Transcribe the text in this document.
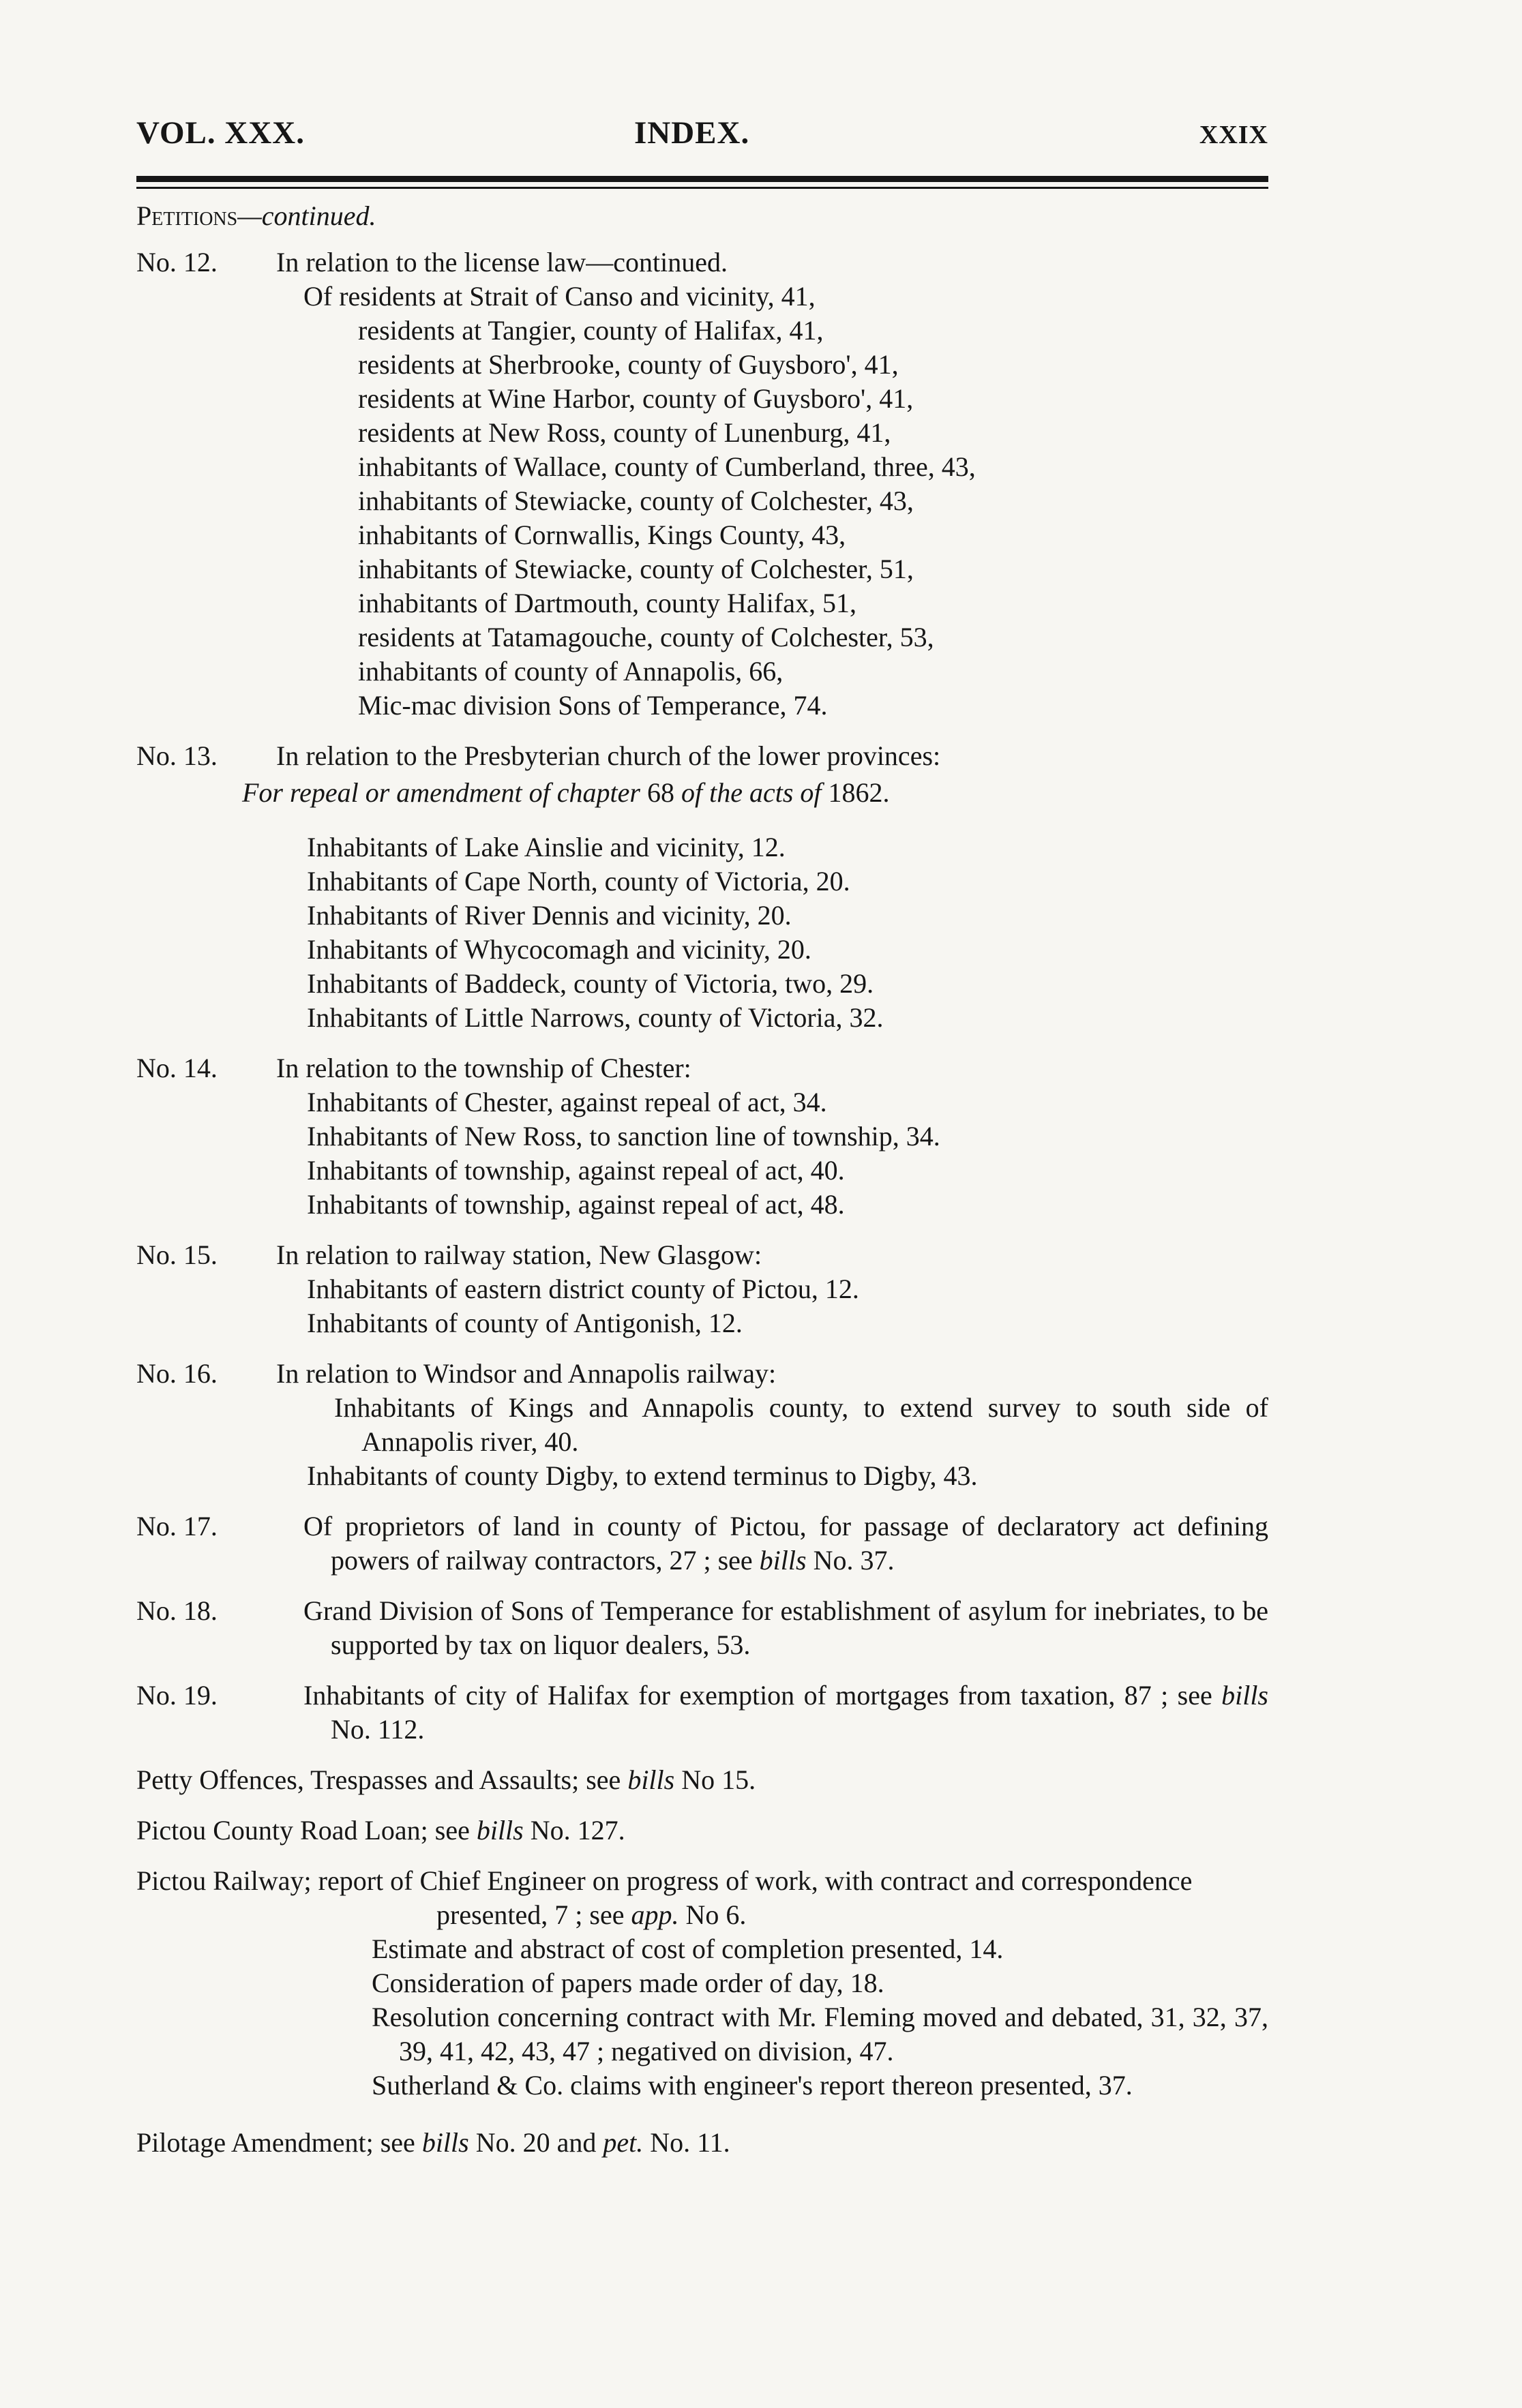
VOL. XXX.	INDEX.	XXIX
Petitions—continued.
No. 12. In relation to the license law—continued.
Of residents at Strait of Canso and vicinity, 41,
residents at Tangier, county of Halifax, 41,
residents at Sherbrooke, county of Guysboro', 41,
residents at Wine Harbor, county of Guysboro', 41,
residents at New Ross, county of Lunenburg, 41,
inhabitants of Wallace, county of Cumberland, three, 43,
inhabitants of Stewiacke, county of Colchester, 43,
inhabitants of Cornwallis, Kings County, 43,
inhabitants of Stewiacke, county of Colchester, 51,
inhabitants of Dartmouth, county Halifax, 51,
residents at Tatamagouche, county of Colchester, 53,
inhabitants of county of Annapolis, 66,
Mic-mac division Sons of Temperance, 74.
No. 13. In relation to the Presbyterian church of the lower provinces:
For repeal or amendment of chapter 68 of the acts of 1862.
Inhabitants of Lake Ainslie and vicinity, 12.
Inhabitants of Cape North, county of Victoria, 20.
Inhabitants of River Dennis and vicinity, 20.
Inhabitants of Whycocomagh and vicinity, 20.
Inhabitants of Baddeck, county of Victoria, two, 29.
Inhabitants of Little Narrows, county of Victoria, 32.
No. 14. In relation to the township of Chester:
Inhabitants of Chester, against repeal of act, 34.
Inhabitants of New Ross, to sanction line of township, 34.
Inhabitants of township, against repeal of act, 40.
Inhabitants of township, against repeal of act, 48.
No. 15. In relation to railway station, New Glasgow:
Inhabitants of eastern district county of Pictou, 12.
Inhabitants of county of Antigonish, 12.
No. 16. In relation to Windsor and Annapolis railway:
Inhabitants of Kings and Annapolis county, to extend survey to south side of Annapolis river, 40.
Inhabitants of county Digby, to extend terminus to Digby, 43.
No. 17.	Of proprietors of land in county of Pictou, for passage of declaratory act defining powers of railway contractors, 27 ; see bills No. 37.
No. 18.	Grand Division of Sons of Temperance for establishment of asylum for inebriates, to be supported by tax on liquor dealers, 53.
No. 19.	Inhabitants of city of Halifax for exemption of mortgages from taxation, 87 ; see bills No. 112.
Petty Offences, Trespasses and Assaults; see bills No 15.
Pictou County Road Loan; see bills No. 127.
Pictou Railway; report of Chief Engineer on progress of work, with contract and correspondence presented, 7 ; see app. No 6.
Estimate and abstract of cost of completion presented, 14.
Consideration of papers made order of day, 18.
Resolution concerning contract with Mr. Fleming moved and debated, 31, 32, 37, 39, 41, 42, 43, 47 ; negatived on division, 47.
Sutherland & Co. claims with engineer's report thereon presented, 37.
Pilotage Amendment; see bills No. 20 and pet. No. 11.
